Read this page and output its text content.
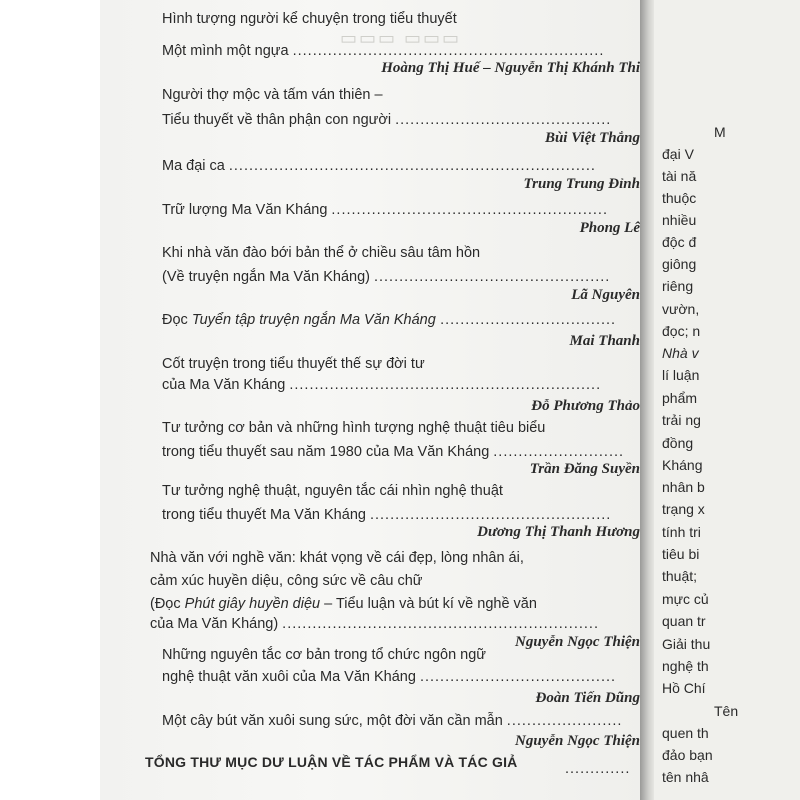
▭▭▭ ▭▭▭
Hình tượng người kể chuyện trong tiểu thuyết
Một mình một ngựa ..............................................................
Hoàng Thị Huế – Nguyễn Thị Khánh Thi
Người thợ mộc và tấm ván thiên –
Tiểu thuyết về thân phận con người ...........................................
Bùi Việt Thắng
Ma đại ca .........................................................................
Trung Trung Đỉnh
Trữ lượng Ma Văn Kháng .......................................................
Phong Lê
Khi nhà văn đào bới bản thể ở chiều sâu tâm hồn
(Về truyện ngắn Ma Văn Kháng) ...............................................
Lã Nguyên
Đọc Tuyển tập truyện ngắn Ma Văn Kháng ...................................
Mai Thanh
Cốt truyện trong tiểu thuyết thế sự đời tư
của Ma Văn Kháng ..............................................................
Đỗ Phương Thảo
Tư tưởng cơ bản và những hình tượng nghệ thuật tiêu biểu
trong tiểu thuyết sau năm 1980 của Ma Văn Kháng ..........................
Trần Đăng Suyền
Tư tưởng nghệ thuật, nguyên tắc cái nhìn nghệ thuật
trong tiểu thuyết Ma Văn Kháng ................................................
Dương Thị Thanh Hương
Nhà văn với nghề văn: khát vọng về cái đẹp, lòng nhân ái,
cảm xúc huyền diệu, công sức về câu chữ
(Đọc Phút giây huyền diệu – Tiểu luận và bút kí về nghề văn
của Ma Văn Kháng) ...............................................................
Nguyễn Ngọc Thiện
Những nguyên tắc cơ bản trong tổ chức ngôn ngữ
nghệ thuật văn xuôi của Ma Văn Kháng .......................................
Đoàn Tiến Dũng
Một cây bút văn xuôi sung sức, một đời văn cần mẫn .......................
Nguyễn Ngọc Thiện
TỔNG THƯ MỤC DƯ LUẬN VỀ TÁC PHẨM VÀ TÁC GIẢ	.............
M
đại V
tài nă
thuộc
nhiều
độc đ
giông
riêng
vườn,
đọc; n
Nhà v
lí luận
phẩm
trải ng
đồng
Kháng
nhân b
trạng x
tính tri
tiêu bi
thuật;
mực củ
quan tr
Giải thu
nghệ th
Hồ Chí
Tên
quen th
đảo bạn
tên nhâ
